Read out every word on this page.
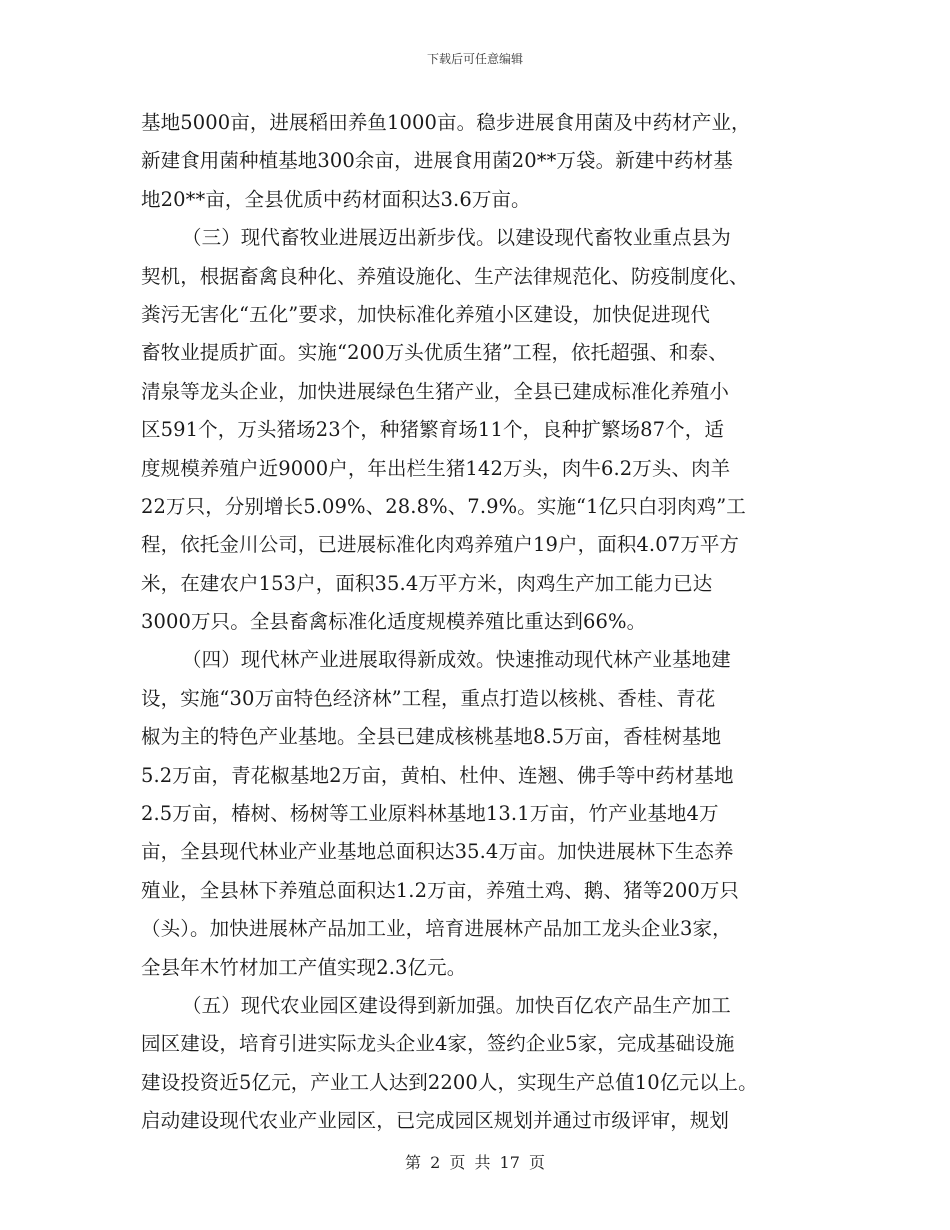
下载后可任意编辑
基地5000亩，进展稻田养鱼1000亩。稳步进展食用菌及中药材产业，
新建食用菌种植基地300余亩，进展食用菌20**万袋。新建中药材基
地20**亩，全县优质中药材面积达3.6万亩。
（三）现代畜牧业进展迈出新步伐。以建设现代畜牧业重点县为
契机，根据畜禽良种化、养殖设施化、生产法律规范化、防疫制度化、
粪污无害化“五化”要求，加快标准化养殖小区建设，加快促进现代
畜牧业提质扩面。实施“200万头优质生猪”工程，依托超强、和泰、
清泉等龙头企业，加快进展绿色生猪产业，全县已建成标准化养殖小
区591个，万头猪场23个，种猪繁育场11个，良种扩繁场87个，适
度规模养殖户近9000户，年出栏生猪142万头，肉牛6.2万头、肉羊
22万只，分别增长5.09%、28.8%、7.9%。实施“1亿只白羽肉鸡”工
程，依托金川公司，已进展标准化肉鸡养殖户19户，面积4.07万平方
米，在建农户153户，面积35.4万平方米，肉鸡生产加工能力已达
3000万只。全县畜禽标准化适度规模养殖比重达到66%。
（四）现代林产业进展取得新成效。快速推动现代林产业基地建
设，实施“30万亩特色经济林”工程，重点打造以核桃、香桂、青花
椒为主的特色产业基地。全县已建成核桃基地8.5万亩，香桂树基地
5.2万亩，青花椒基地2万亩，黄柏、杜仲、连翘、佛手等中药材基地
2.5万亩，椿树、杨树等工业原料林基地13.1万亩，竹产业基地4万
亩，全县现代林业产业基地总面积达35.4万亩。加快进展林下生态养
殖业，全县林下养殖总面积达1.2万亩，养殖土鸡、鹅、猪等200万只
（头）。加快进展林产品加工业，培育进展林产品加工龙头企业3家，
全县年木竹材加工产值实现2.3亿元。
（五）现代农业园区建设得到新加强。加快百亿农产品生产加工
园区建设，培育引进实际龙头企业4家，签约企业5家，完成基础设施
建设投资近5亿元，产业工人达到2200人，实现生产总值10亿元以上。
启动建设现代农业产业园区，已完成园区规划并通过市级评审，规划
第 2 页 共 17 页
